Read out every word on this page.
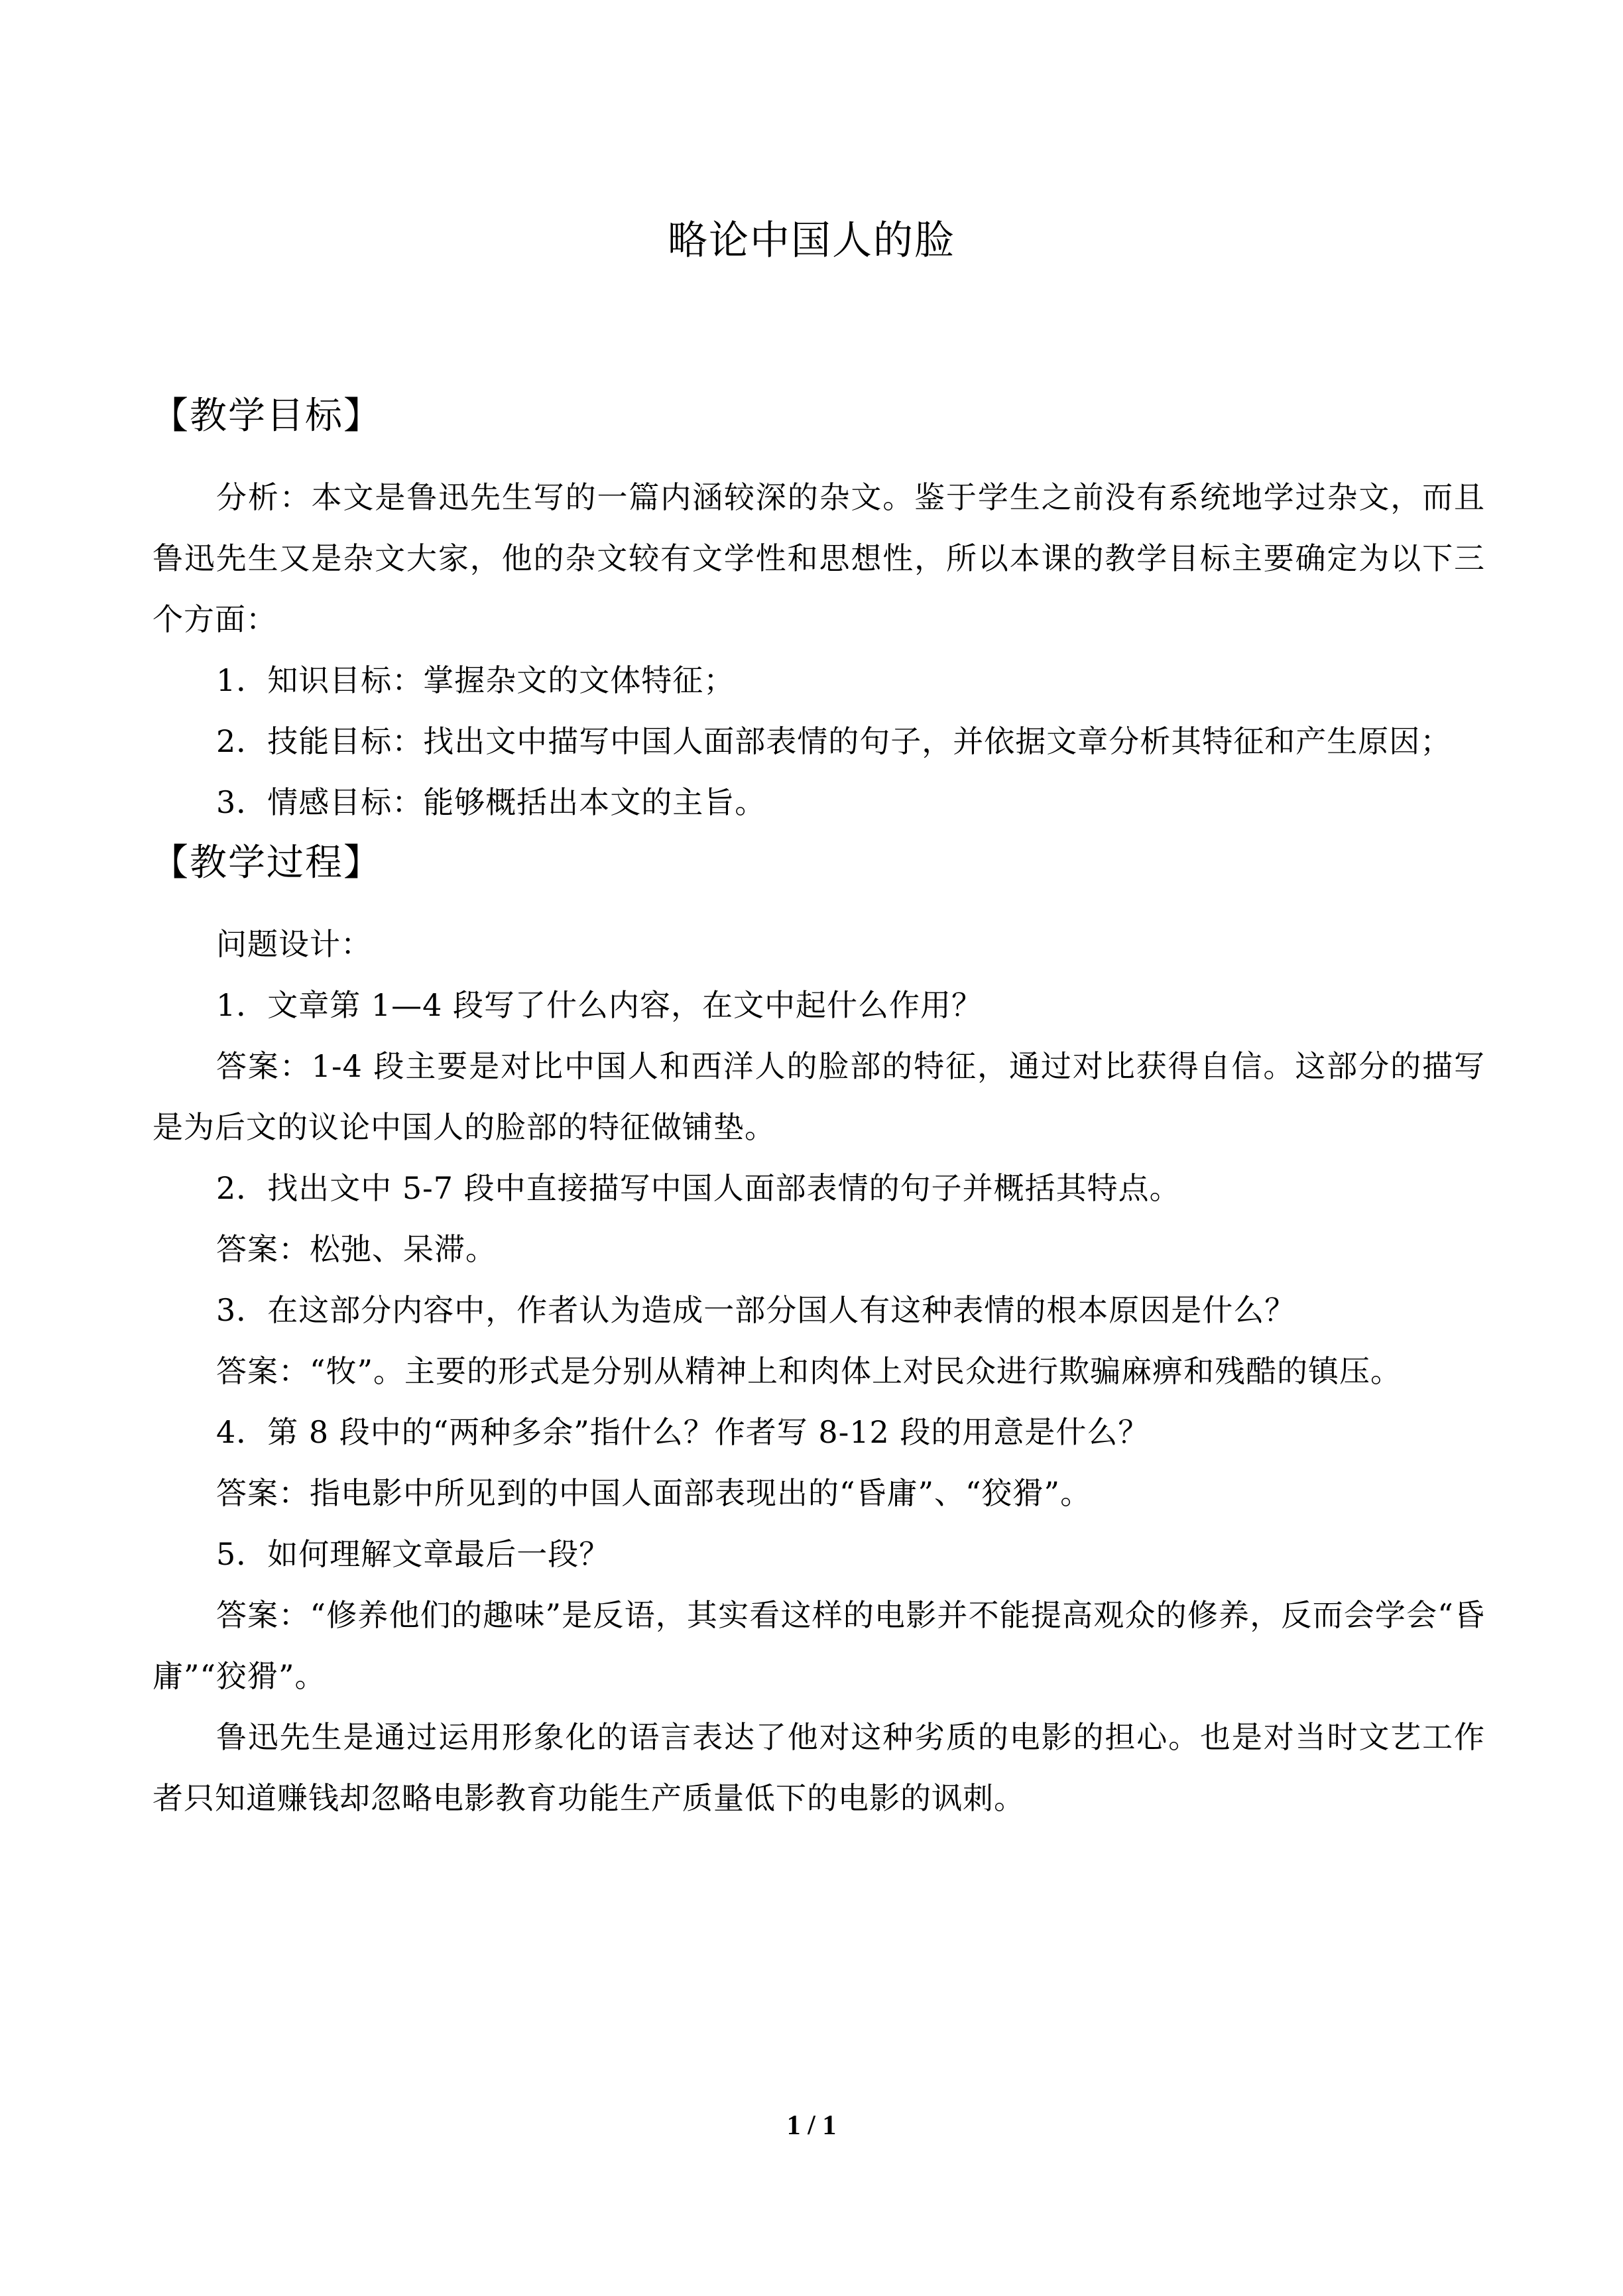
略论中国人的脸
【教学目标】

分析：本文是鲁迅先生写的一篇内涵较深的杂文。鉴于学生之前没有系统地学过杂文，而且鲁迅先生又是杂文大家，他的杂文较有文学性和思想性，所以本课的教学目标主要确定为以下三个方面：

1．知识目标：掌握杂文的文体特征；

2．技能目标：找出文中描写中国人面部表情的句子，并依据文章分析其特征和产生原因；

3．情感目标：能够概括出本文的主旨。

【教学过程】

问题设计：

1．文章第 1—4 段写了什么内容，在文中起什么作用？

答案：1-4 段主要是对比中国人和西洋人的脸部的特征，通过对比获得自信。这部分的描写是为后文的议论中国人的脸部的特征做铺垫。

2．找出文中 5-7 段中直接描写中国人面部表情的句子并概括其特点。

答案：松弛、呆滞。

3．在这部分内容中，作者认为造成一部分国人有这种表情的根本原因是什么？

答案：“牧”。主要的形式是分别从精神上和肉体上对民众进行欺骗麻痹和残酷的镇压。

4．第 8 段中的“两种多余”指什么？作者写 8-12 段的用意是什么？

答案：指电影中所见到的中国人面部表现出的“昏庸”、“狡猾”。

5．如何理解文章最后一段？

答案：“修养他们的趣味”是反语，其实看这样的电影并不能提高观众的修养，反而会学会“昏庸”“狡猾”。

鲁迅先生是通过运用形象化的语言表达了他对这种劣质的电影的担心。也是对当时文艺工作者只知道赚钱却忽略电影教育功能生产质量低下的电影的讽刺。

1 / 1
